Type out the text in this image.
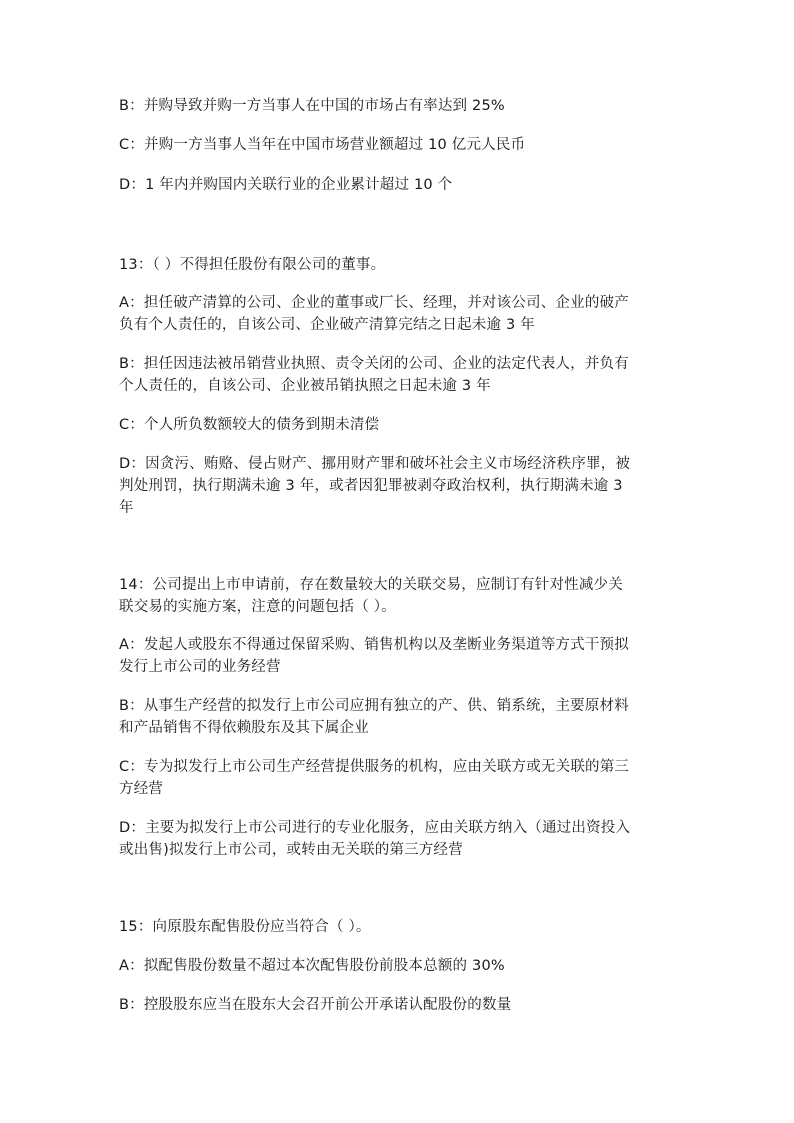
B：并购导致并购一方当事人在中国的市场占有率达到 25%
C：并购一方当事人当年在中国市场营业额超过 10 亿元人民币
D：1 年内并购国内关联行业的企业累计超过 10 个
13：（ ）不得担任股份有限公司的董事。
A：担任破产清算的公司、企业的董事或厂长、经理，并对该公司、企业的破产
负有个人责任的，自该公司、企业破产清算完结之日起未逾 3 年
B：担任因违法被吊销营业执照、责令关闭的公司、企业的法定代表人，并负有
个人责任的，自该公司、企业被吊销执照之日起未逾 3 年
C：个人所负数额较大的债务到期未清偿
D：因贪污、贿赂、侵占财产、挪用财产罪和破坏社会主义市场经济秩序罪，被
判处刑罚，执行期满未逾 3 年，或者因犯罪被剥夺政治权利，执行期满未逾 3
年
14：公司提出上市申请前，存在数量较大的关联交易，应制订有针对性减少关
联交易的实施方案，注意的问题包括（ ）。
A：发起人或股东不得通过保留采购、销售机构以及垄断业务渠道等方式干预拟
发行上市公司的业务经营
B：从事生产经营的拟发行上市公司应拥有独立的产、供、销系统，主要原材料
和产品销售不得依赖股东及其下属企业
C：专为拟发行上市公司生产经营提供服务的机构，应由关联方或无关联的第三
方经营
D：主要为拟发行上市公司进行的专业化服务，应由关联方纳入（通过出资投入
或出售)拟发行上市公司，或转由无关联的第三方经营
15：向原股东配售股份应当符合（ ）。
A：拟配售股份数量不超过本次配售股份前股本总额的 30%
B：控股股东应当在股东大会召开前公开承诺认配股份的数量
